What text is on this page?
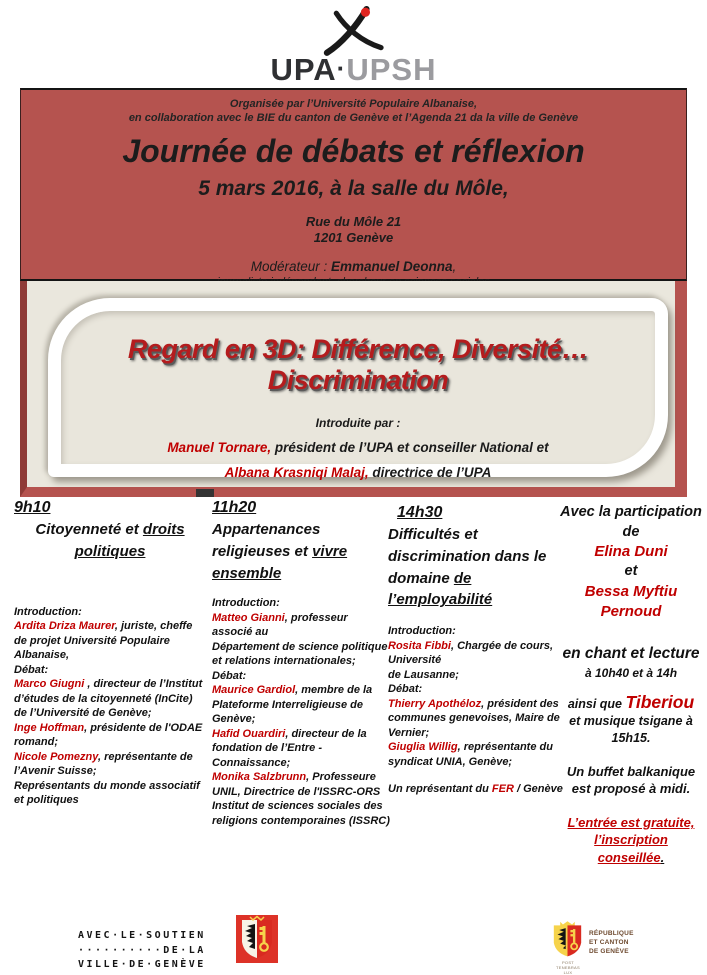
UPA·UPSH
Organisée par l’Université Populaire Albanaise,
en collaboration avec le BIE du canton de Genève et l’Agenda 21 da la ville de Genève
Journée de débats et réflexion
5 mars 2016, à la salle du Môle,
Rue du Môle 21
1201 Genève
Modérateur : Emmanuel Deonna,
Regard en 3D: Différence, Diversité…Discrimination
Introduite par :
Manuel Tornare, président de l’UPA et conseiller National et
Albana Krasniqi Malaj, directrice de l’UPA
9h10
Citoyenneté et droits politiques
Introduction:
Ardita Driza Maurer, juriste, cheffe de projet Université Populaire Albanaise,
Débat:
Marco Giugni , directeur de l’Institut d’études de la citoyenneté (InCite) de l’Université de Genève;
Inge Hoffman, présidente de l'ODAE romand;
Nicole Pomezny, représentante de l’Avenir Suisse;
Représentants du monde associatif
et politiques
11h20
Appartenances religieuses et vivre ensemble
Introduction:
Matteo Gianni, professeur associé au
Département de science politique et relations internationales;
Débat:
Maurice Gardiol, membre de la Plateforme Interreligieuse de Genève;
Hafid Ouardiri, directeur de la fondation de l’Entre - Connaissance;
Monika Salzbrunn, Professeure UNIL, Directrice de l'ISSRC-ORS
Institut de sciences sociales des religions contemporaines (ISSRC)
14h30
Difficultés et discrimination dans le domaine de l’employabilité
Introduction:
Rosita Fibbi, Chargée de cours, Université
de Lausanne;
Débat:
Thierry Apothéloz, président des communes genevoises, Maire de Vernier;
Giuglia Willig, représentante du syndicat UNIA, Genève;
Un représentant du FER / Genève
Avec la participation de
Elina Duni
et
Bessa Myftiu Pernoud
en chant et lecture
à 10h40 et à 14h
ainsi que Tiberiou
et musique tsigane à 15h15.
Un buffet balkanique est proposé à midi.
L’entrée est gratuite, l’inscription conseillée.
AVEC·LE·SOUTIEN
··········DE·LA
VILLE·DE·GENÈVE
RÉPUBLIQUE
ET CANTON
DE GENÈVE
POST TENEBRAS LUX
